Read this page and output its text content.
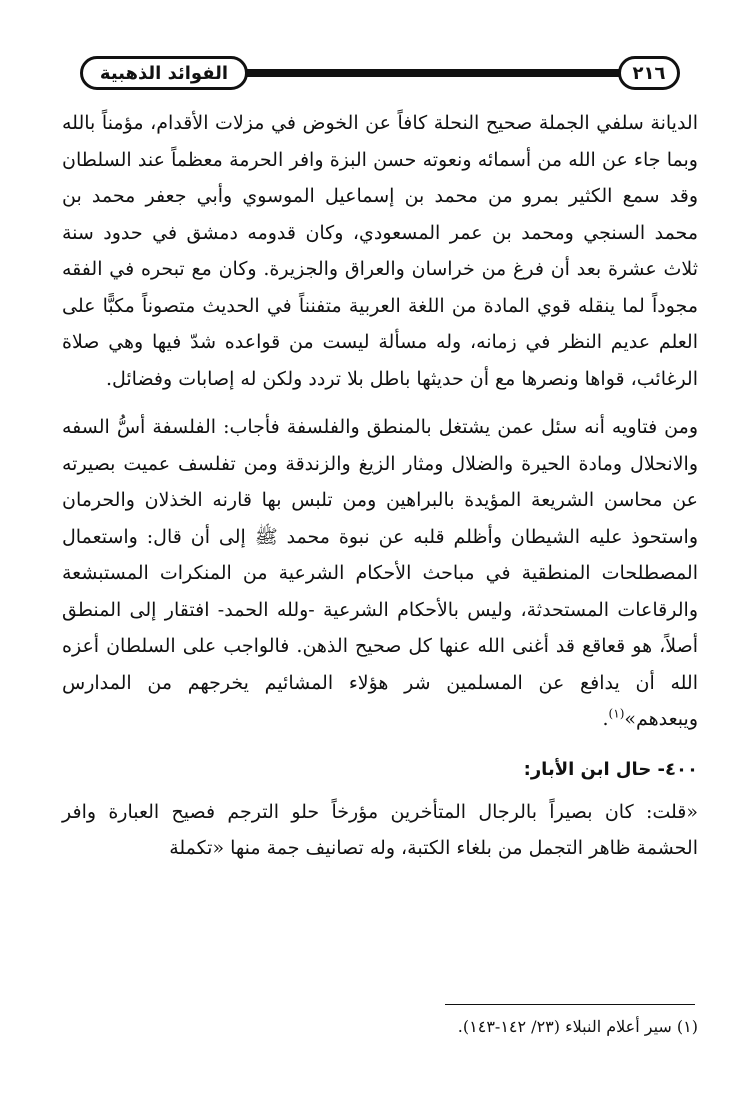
الفوائد الذهبية	٢١٦

الديانة سلفي الجملة صحيح النحلة كافاً عن الخوض في مزلات الأقدام، مؤمناً بالله وبما جاء عن الله من أسمائه ونعوته حسن البزة وافر الحرمة معظماً عند السلطان وقد سمع الكثير بمرو من محمد بن إسماعيل الموسوي وأبي جعفر محمد بن محمد السنجي ومحمد بن عمر المسعودي، وكان قدومه دمشق في حدود سنة ثلاث عشرة بعد أن فرغ من خراسان والعراق والجزيرة. وكان مع تبحره في الفقه مجوداً لما ينقله قوي المادة من اللغة العربية متفنناً في الحديث متصوناً مكبًّا على العلم عديم النظر في زمانه، وله مسألة ليست من قواعده شدّ فيها وهي صلاة الرغائب، قواها ونصرها مع أن حديثها باطل بلا تردد ولكن له إصابات وفضائل.

ومن فتاويه أنه سئل عمن يشتغل بالمنطق والفلسفة فأجاب: الفلسفة أسُّ السفه والانحلال ومادة الحيرة والضلال ومثار الزيغ والزندقة ومن تفلسف عميت بصيرته عن محاسن الشريعة المؤيدة بالبراهين ومن تلبس بها قارنه الخذلان والحرمان واستحوذ عليه الشيطان وأظلم قلبه عن نبوة محمد ﷺ إلى أن قال: واستعمال المصطلحات المنطقية في مباحث الأحكام الشرعية من المنكرات المستبشعة والرقاعات المستحدثة، وليس بالأحكام الشرعية -ولله الحمد- افتقار إلى المنطق أصلاً، هو قعاقع قد أغنى الله عنها كل صحيح الذهن. فالواجب على السلطان أعزه الله أن يدافع عن المسلمين شر هؤلاء المشائيم يخرجهم من المدارس ويبعدهم»$^{(١)}$.

٤٠٠- حال ابن الأبار:

«قلت: كان بصيراً بالرجال المتأخرين مؤرخاً حلو الترجم فصيح العبارة وافر الحشمة ظاهر التجمل من بلغاء الكتبة، وله تصانيف جمة منها «تكملة

(١) سير أعلام النبلاء (٢٣/ ١٤٢-١٤٣).
